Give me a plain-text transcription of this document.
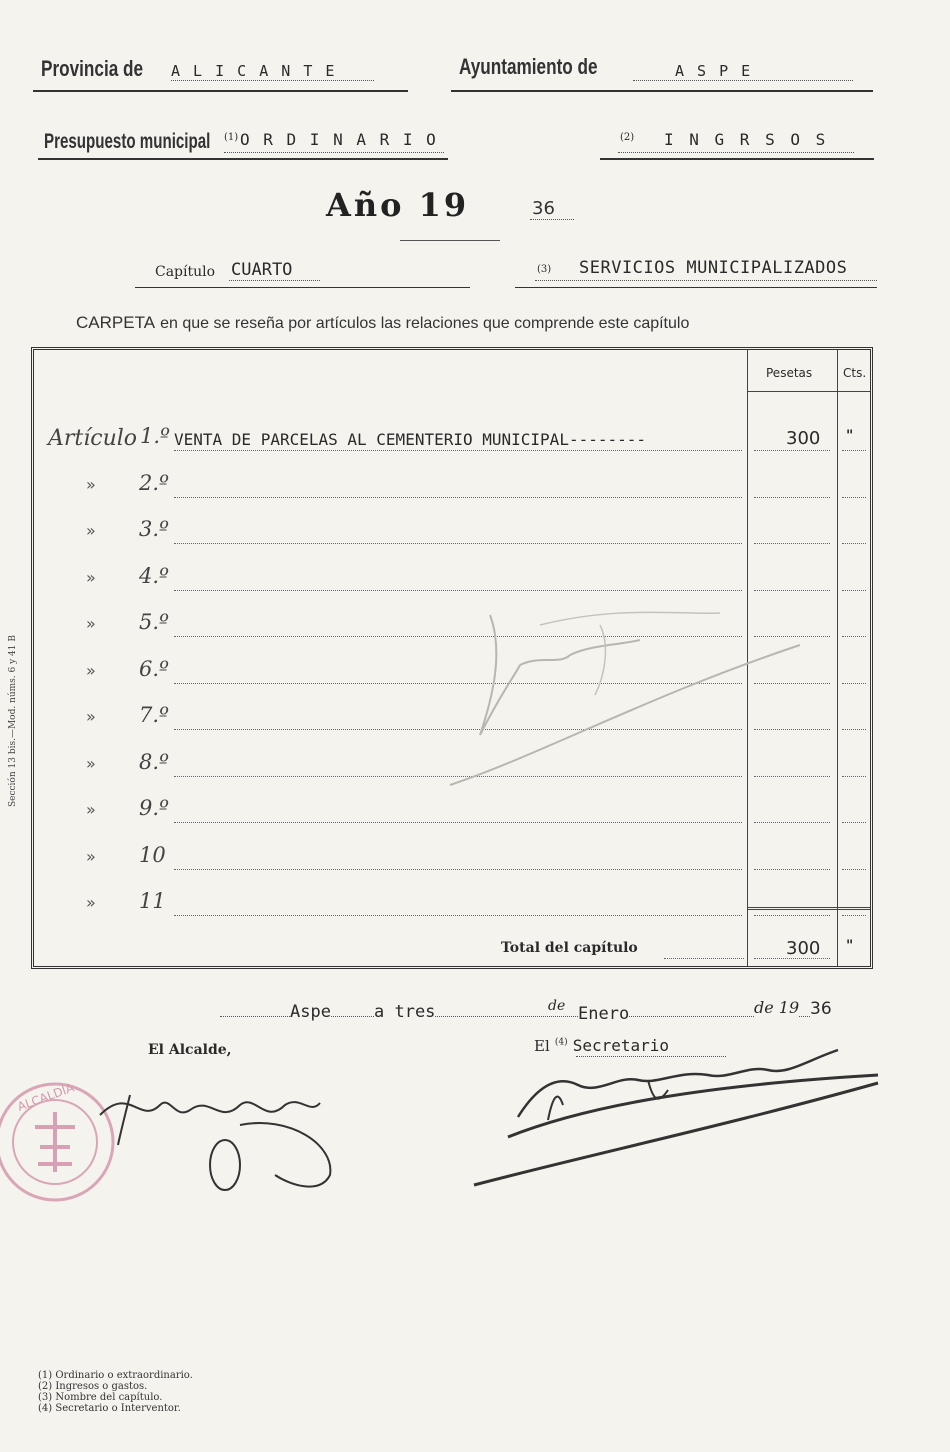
Provincia de A L I C A N T E	Ayuntamiento de	A S P E
Presupuesto municipal (1) O R D I N A R I O	(2) I N G R S O S
Año 19	36
Capítulo CUARTO	(3) SERVICIOS MUNICIPALIZADOS
CARPETA en que se reseña por artículos las relaciones que comprende este capítulo
Pesetas	Cts.
Artículo 1.º VENTA DE PARCELAS AL CEMENTERIO MUNICIPAL--------	300 "
» 2.º
» 3.º
» 4.º
» 5.º
» 6.º
» 7.º
» 8.º
» 9.º
» 10
» 11
Total del capítulo	300 "
Aspe	a tres	de Enero	de 19 36
El Alcalde,	El $^{(4)}$ Secretario
ALCALDIA
Sección 13 bis.—Mod. núms. 6 y 41 B
(1) Ordinario o extraordinario.
(2) Ingresos o gastos.
(3) Nombre del capítulo.
(4) Secretario o Interventor.
